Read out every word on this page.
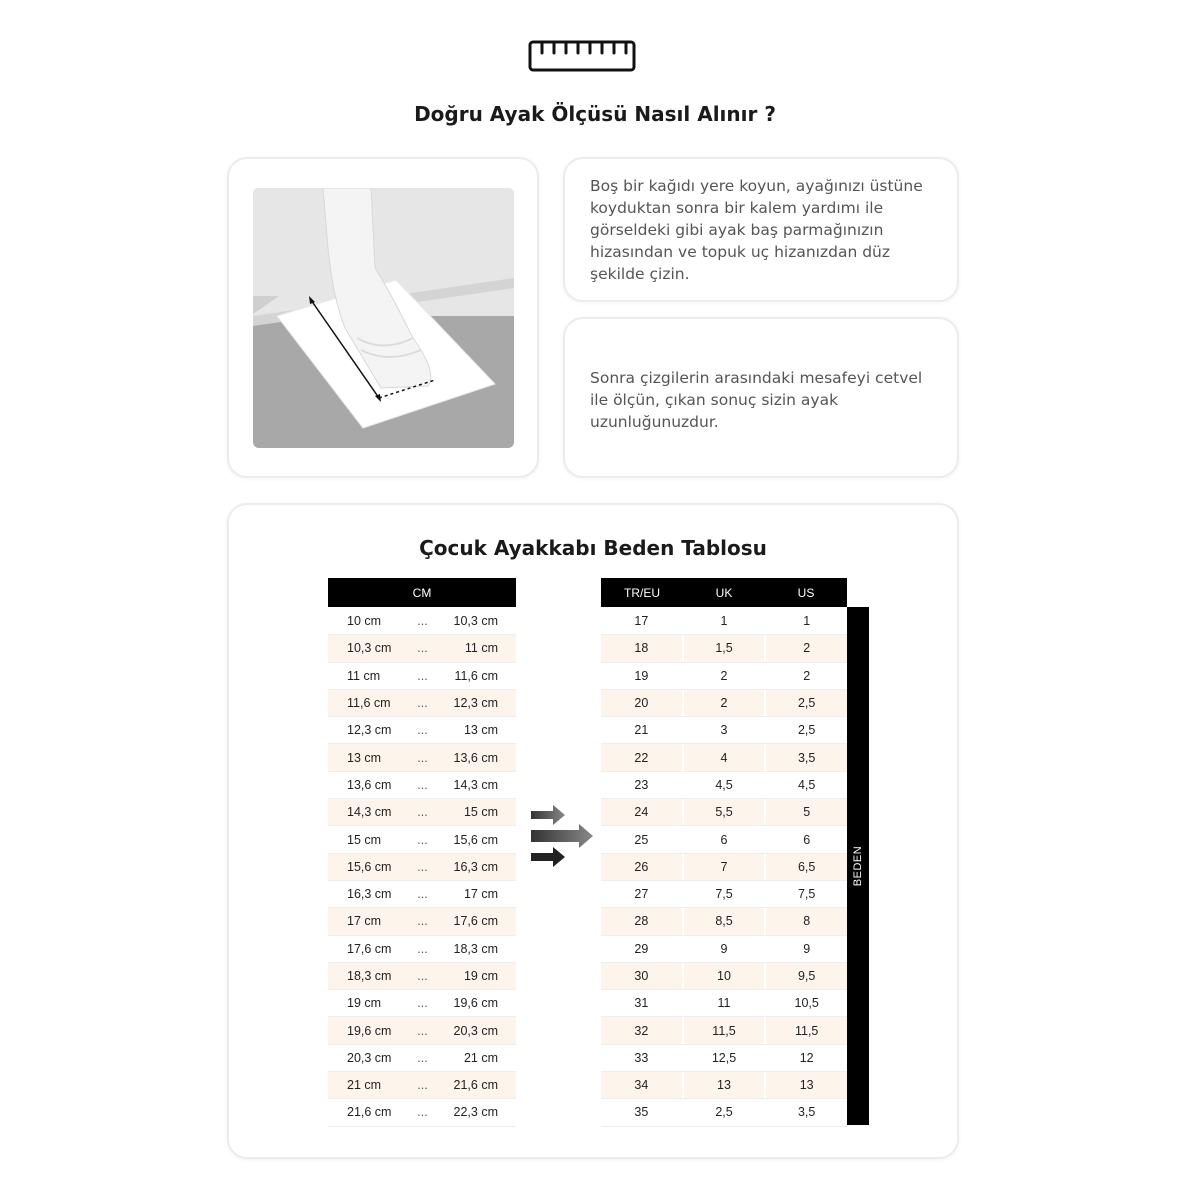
Doğru Ayak Ölçüsü Nasıl Alınır ?

Boş bir kağıdı yere koyun, ayağınızı üstüne koyduktan sonra bir kalem yardımı ile görseldeki gibi ayak baş parmağınızın hizasından ve topuk uç hizanızdan düz şekilde çizin.

Sonra çizgilerin arasındaki mesafeyi cetvel ile ölçün, çıkan sonuç sizin ayak uzunluğunuzdur.

Çocuk Ayakkabı Beden Tablosu
CM
10 cm	...	10,3 cm
10,3 cm	...	11 cm
11 cm	...	11,6 cm
11,6 cm	...	12,3 cm
12,3 cm	...	13 cm
13 cm	...	13,6 cm
13,6 cm	...	14,3 cm
14,3 cm	...	15 cm
15 cm	...	15,6 cm
15,6 cm	...	16,3 cm
16,3 cm	...	17 cm
17 cm	...	17,6 cm
17,6 cm	...	18,3 cm
18,3 cm	...	19 cm
19 cm	...	19,6 cm
19,6 cm	...	20,3 cm
20,3 cm	...	21 cm
21 cm	...	21,6 cm
21,6 cm	...	22,3 cm
TR/EU	UK	US
17	1	1
18	1,5	2
19	2	2
20	2	2,5
21	3	2,5
22	4	3,5
23	4,5	4,5
24	5,5	5
25	6	6
26	7	6,5
27	7,5	7,5
28	8,5	8
29	9	9
30	10	9,5
31	11	10,5
32	11,5	11,5
33	12,5	12
34	13	13
35	2,5	3,5
BEDEN
